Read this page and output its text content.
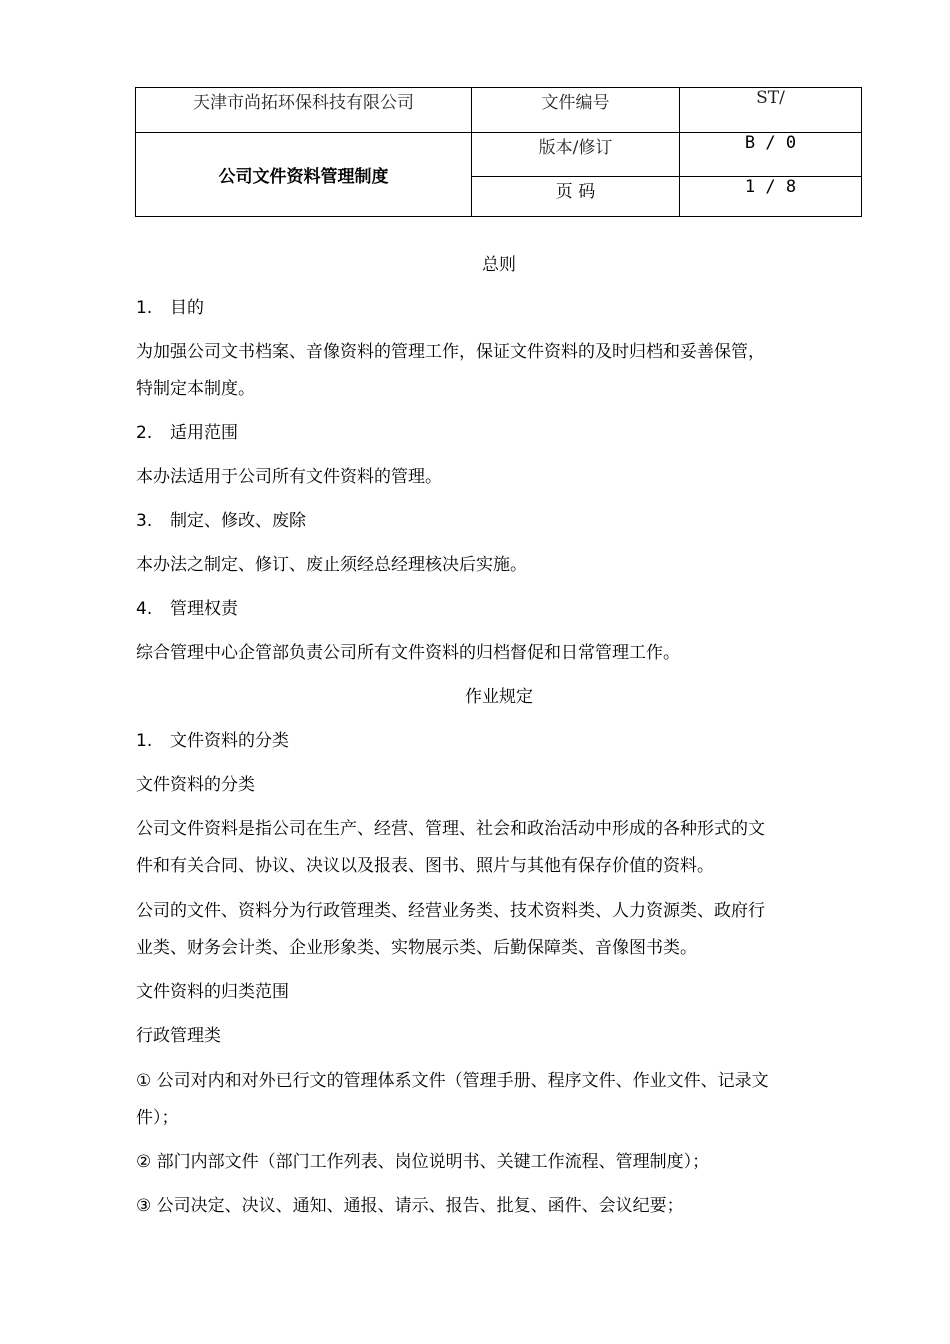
天津市尚拓环保科技有限公司	文件编号	ST/
公司文件资料管理制度	版本/修订	B / 0
	页 码	1 / 8
总则
1. 目的
为加强公司文书档案、音像资料的管理工作，保证文件资料的及时归档和妥善保管，
特制定本制度。
2. 适用范围
本办法适用于公司所有文件资料的管理。
3. 制定、修改、废除
本办法之制定、修订、废止须经总经理核决后实施。
4. 管理权责
综合管理中心企管部负责公司所有文件资料的归档督促和日常管理工作。
作业规定
1. 文件资料的分类
文件资料的分类
公司文件资料是指公司在生产、经营、管理、社会和政治活动中形成的各种形式的文
件和有关合同、协议、决议以及报表、图书、照片与其他有保存价值的资料。
公司的文件、资料分为行政管理类、经营业务类、技术资料类、人力资源类、政府行
业类、财务会计类、企业形象类、实物展示类、后勤保障类、音像图书类。
文件资料的归类范围
行政管理类
① 公司对内和对外已行文的管理体系文件（管理手册、程序文件、作业文件、记录文
件）；
② 部门内部文件（部门工作列表、岗位说明书、关键工作流程、管理制度）；
③ 公司决定、决议、通知、通报、请示、报告、批复、函件、会议纪要；
